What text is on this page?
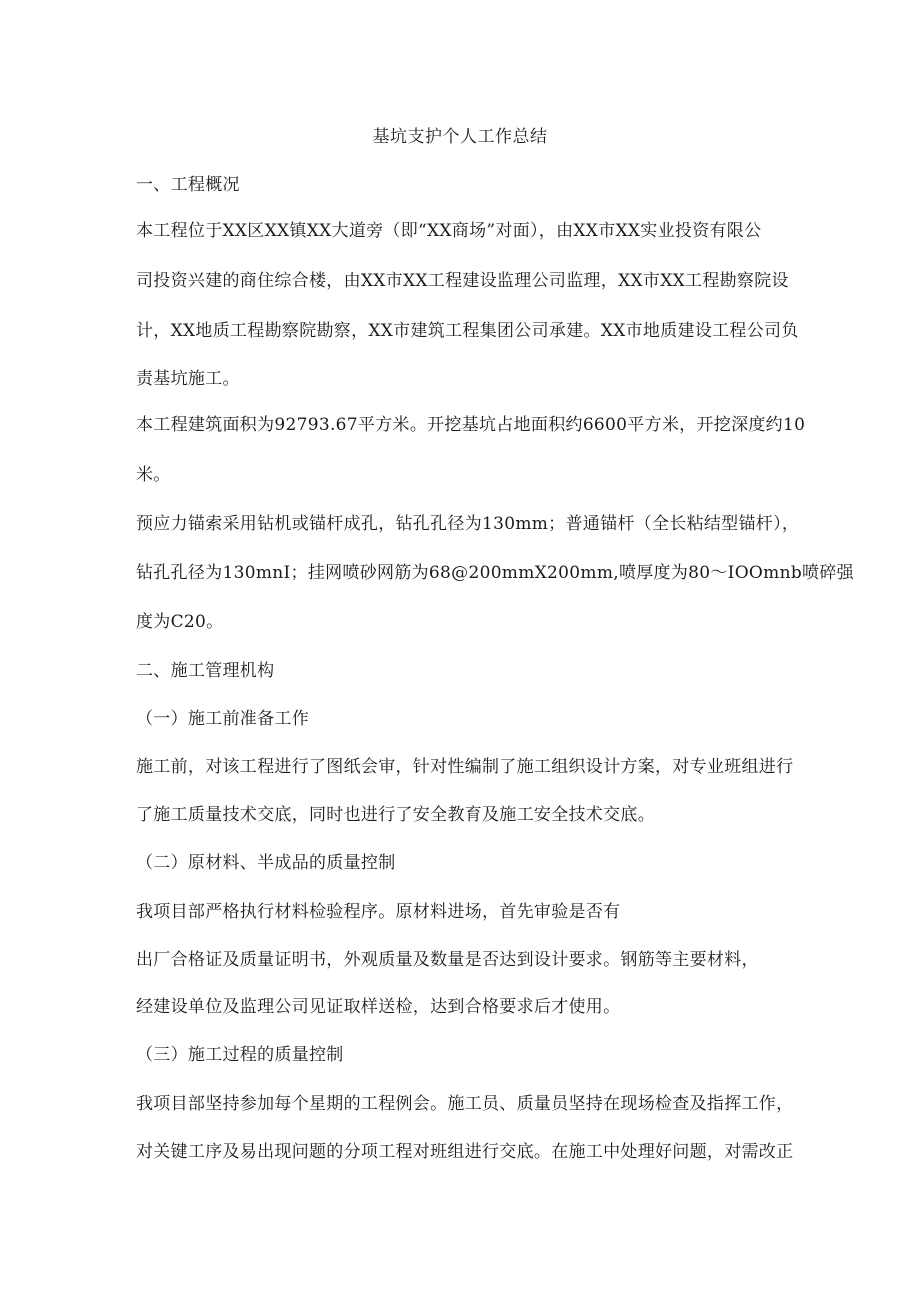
基坑支护个人工作总结
一、工程概况
本工程位于XX区XX镇XX大道旁（即“XX商场”对面），由XX市XX实业投资有限公
司投资兴建的商住综合楼，由XX市XX工程建设监理公司监理，XX市XX工程勘察院设
计，XX地质工程勘察院勘察，XX市建筑工程集团公司承建。XX市地质建设工程公司负
责基坑施工。
本工程建筑面积为92793.67平方米。开挖基坑占地面积约6600平方米，开挖深度约10
米。
预应力锚索采用钻机或锚杆成孔，钻孔孔径为130mm；普通锚杆（全长粘结型锚杆），
钻孔孔径为130mnI；挂网喷砂网筋为68@200mmX200mm,喷厚度为80～IOOmnb喷碎强
度为C20。
二、施工管理机构
（一）施工前准备工作
施工前，对该工程进行了图纸会审，针对性编制了施工组织设计方案，对专业班组进行
了施工质量技术交底，同时也进行了安全教育及施工安全技术交底。
（二）原材料、半成品的质量控制
我项目部严格执行材料检验程序。原材料进场，首先审验是否有
出厂合格证及质量证明书，外观质量及数量是否达到设计要求。钢筋等主要材料，
经建设单位及监理公司见证取样送检，达到合格要求后才使用。
（三）施工过程的质量控制
我项目部坚持参加每个星期的工程例会。施工员、质量员坚持在现场检查及指挥工作，
对关键工序及易出现问题的分项工程对班组进行交底。在施工中处理好问题，对需改正
